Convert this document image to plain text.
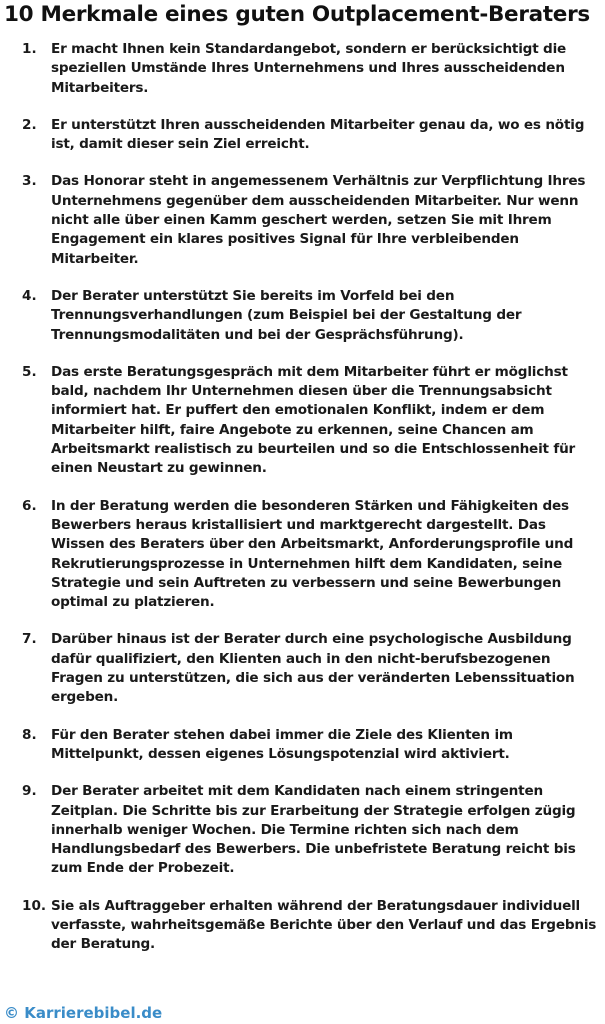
10 Merkmale eines guten Outplacement-Beraters
1.	Er macht Ihnen kein Standardangebot, sondern er berücksichtigt die speziellen Umstände Ihres Unternehmens und Ihres ausscheidenden Mitarbeiters.
2.	Er unterstützt Ihren ausscheidenden Mitarbeiter genau da, wo es nötig ist, damit dieser sein Ziel erreicht.
3.	Das Honorar steht in angemessenem Verhältnis zur Verpflichtung Ihres Unternehmens gegenüber dem ausscheidenden Mitarbeiter. Nur wenn nicht alle über einen Kamm geschert werden, setzen Sie mit Ihrem Engagement ein klares positives Signal für Ihre verbleibenden Mitarbeiter.
4.	Der Berater unterstützt Sie bereits im Vorfeld bei den Trennungsverhandlungen (zum Beispiel bei der Gestaltung der Trennungsmodalitäten und bei der Gesprächsführung).
5.	Das erste Beratungsgespräch mit dem Mitarbeiter führt er möglichst bald, nachdem Ihr Unternehmen diesen über die Trennungsabsicht informiert hat. Er puffert den emotionalen Konflikt, indem er dem Mitarbeiter hilft, faire Angebote zu erkennen, seine Chancen am Arbeitsmarkt realistisch zu beurteilen und so die Entschlossenheit für einen Neustart zu gewinnen.
6.	In der Beratung werden die besonderen Stärken und Fähigkeiten des Bewerbers heraus kristallisiert und marktgerecht dargestellt. Das Wissen des Beraters über den Arbeitsmarkt, Anforderungsprofile und Rekrutierungsprozesse in Unternehmen hilft dem Kandidaten, seine Strategie und sein Auftreten zu verbessern und seine Bewerbungen optimal zu platzieren.
7.	Darüber hinaus ist der Berater durch eine psychologische Ausbildung dafür qualifiziert, den Klienten auch in den nicht-berufsbezogenen Fragen zu unterstützen, die sich aus der veränderten Lebenssituation ergeben.
8.	Für den Berater stehen dabei immer die Ziele des Klienten im Mittelpunkt, dessen eigenes Lösungspotenzial wird aktiviert.
9.	Der Berater arbeitet mit dem Kandidaten nach einem stringenten Zeitplan. Die Schritte bis zur Erarbeitung der Strategie erfolgen zügig innerhalb weniger Wochen. Die Termine richten sich nach dem Handlungsbedarf des Bewerbers. Die unbefristete Beratung reicht bis zum Ende der Probezeit.
10. Sie als Auftraggeber erhalten während der Beratungsdauer individuell verfasste, wahrheitsgemäße Berichte über den Verlauf und das Ergebnis der Beratung.
© Karrierebibel.de
